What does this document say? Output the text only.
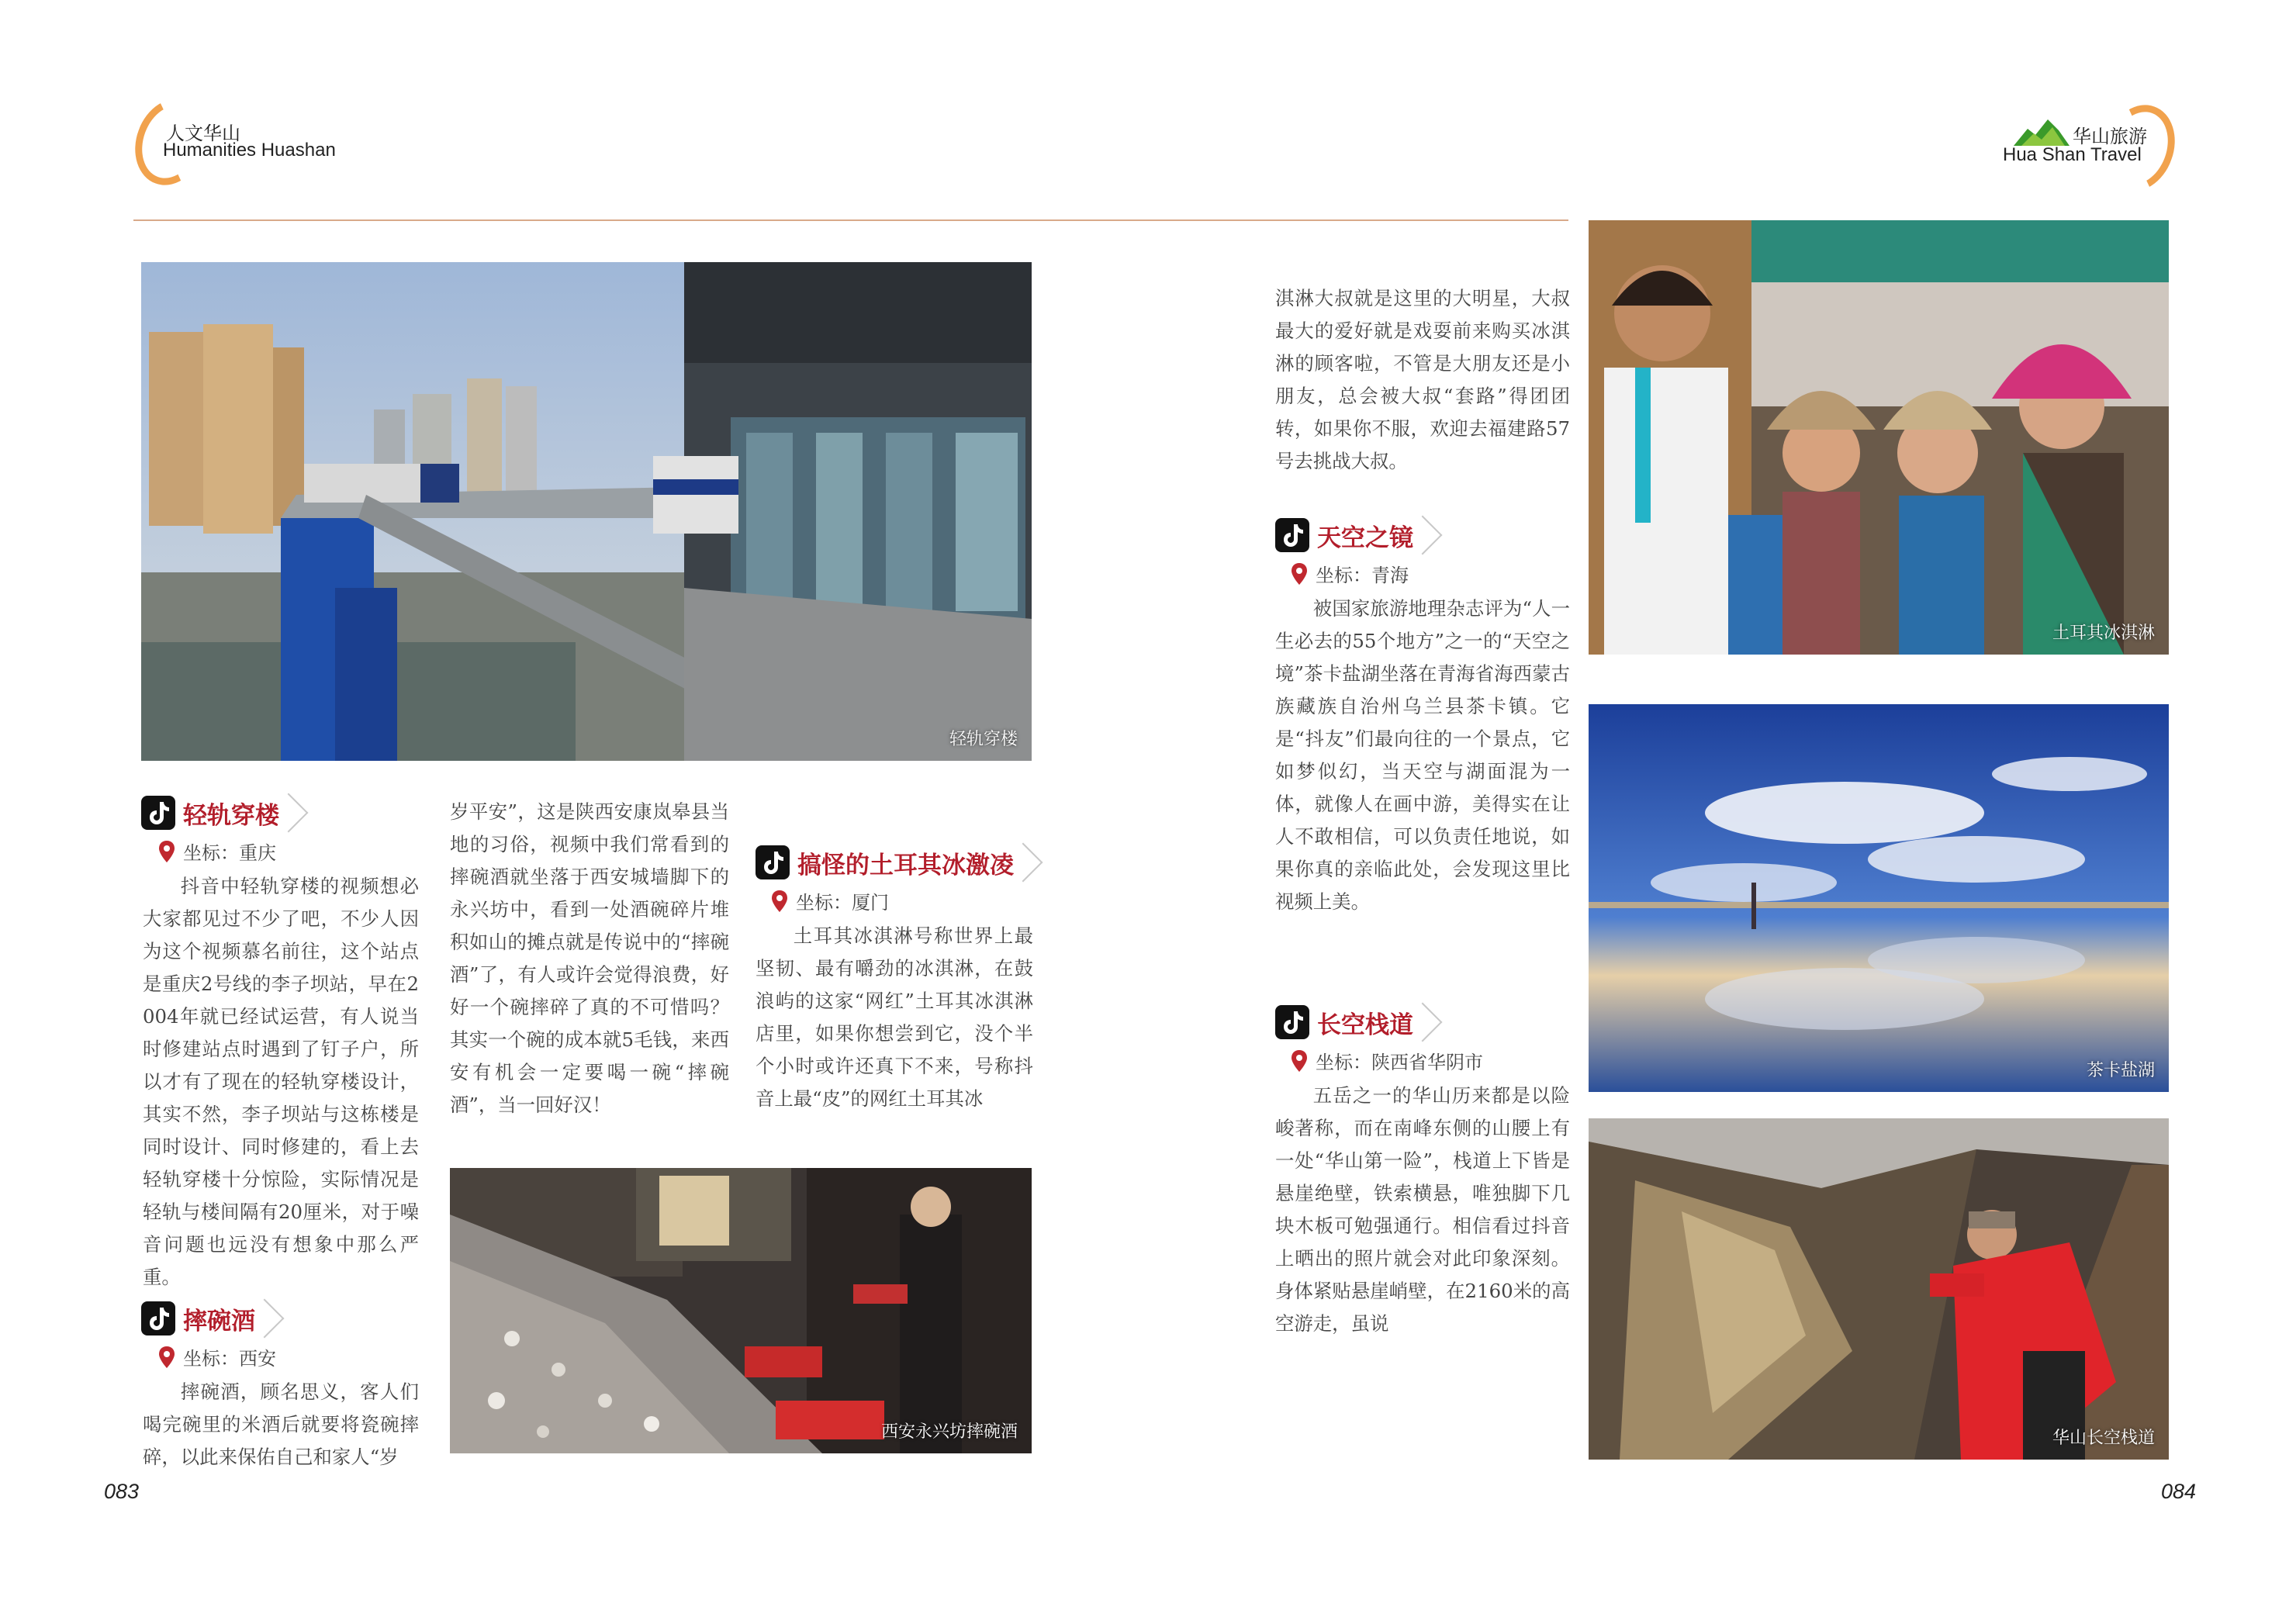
人文华山
Humanities Huashan
华山旅游
Hua Shan Travel
轻轨穿楼
轻轨穿楼
坐标：重庆
抖音中轻轨穿楼的视频想必大家都见过不少了吧，不少人因为这个视频慕名前往，这个站点是重庆2号线的李子坝站，早在2004年就已经试运营，有人说当时修建站点时遇到了钉子户，所以才有了现在的轻轨穿楼设计，其实不然，李子坝站与这栋楼是同时设计、同时修建的，看上去轻轨穿楼十分惊险，实际情况是轻轨与楼间隔有20厘米，对于噪音问题也远没有想象中那么严重。
摔碗酒
坐标：西安
摔碗酒，顾名思义，客人们喝完碗里的米酒后就要将瓷碗摔碎，以此来保佑自己和家人“岁
岁平安”，这是陕西安康岚皋县当地的习俗，视频中我们常看到的摔碗酒就坐落于西安城墙脚下的永兴坊中，看到一处酒碗碎片堆积如山的摊点就是传说中的“摔碗酒”了，有人或许会觉得浪费，好好一个碗摔碎了真的不可惜吗？其实一个碗的成本就5毛钱，来西安有机会一定要喝一碗“摔碗酒”，当一回好汉！
搞怪的土耳其冰激凌
坐标：厦门
土耳其冰淇淋号称世界上最坚韧、最有嚼劲的冰淇淋，在鼓浪屿的这家“网红”土耳其冰淇淋店里，如果你想尝到它，没个半个小时或许还真下不来，号称抖音上最“皮”的网红土耳其冰
淇淋大叔就是这里的大明星，大叔最大的爱好就是戏耍前来购买冰淇淋的顾客啦，不管是大朋友还是小朋友，总会被大叔“套路”得团团转，如果你不服，欢迎去福建路57号去挑战大叔。
西安永兴坊摔碗酒
土耳其冰淇淋
天空之镜
坐标：青海
被国家旅游地理杂志评为“人一生必去的55个地方”之一的“天空之境”茶卡盐湖坐落在青海省海西蒙古族藏族自治州乌兰县茶卡镇。它是“抖友”们最向往的一个景点，它如梦似幻，当天空与湖面混为一体，就像人在画中游，美得实在让人不敢相信，可以负责任地说，如果你真的亲临此处，会发现这里比视频上美。
茶卡盐湖
长空栈道
坐标：陕西省华阴市
五岳之一的华山历来都是以险峻著称，而在南峰东侧的山腰上有一处“华山第一险”，栈道上下皆是悬崖绝壁，铁索横悬，唯独脚下几块木板可勉强通行。相信看过抖音上晒出的照片就会对此印象深刻。身体紧贴悬崖峭壁，在2160米的高空游走，虽说
华山长空栈道
083	084
